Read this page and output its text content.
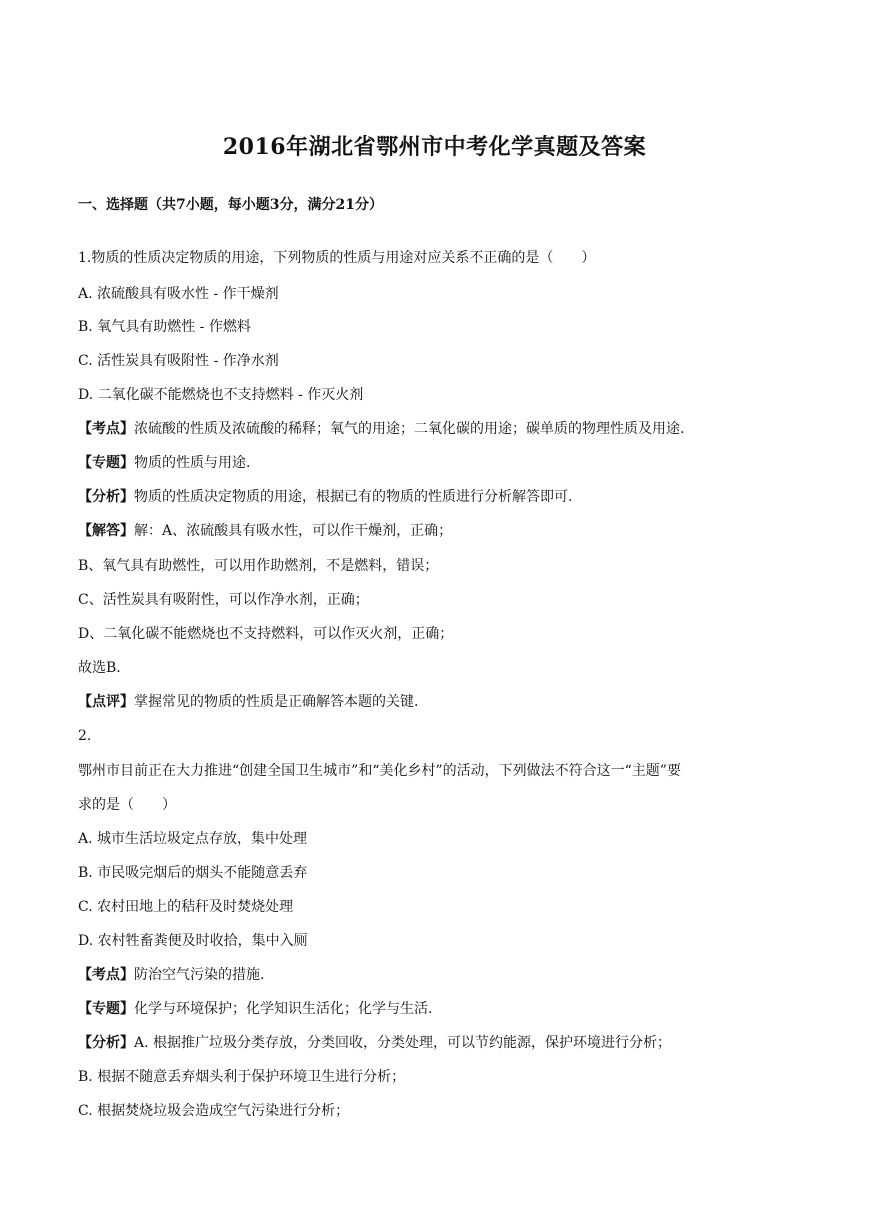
2016年湖北省鄂州市中考化学真题及答案
一、选择题（共7小题，每小题3分，满分21分）
1.物质的性质决定物质的用途，下列物质的性质与用途对应关系不正确的是（　　）
A. 浓硫酸具有吸水性 - 作干燥剂
B. 氧气具有助燃性 - 作燃料
C. 活性炭具有吸附性 - 作净水剂
D. 二氧化碳不能燃烧也不支持燃料 - 作灭火剂
【考点】浓硫酸的性质及浓硫酸的稀释；氧气的用途；二氧化碳的用途；碳单质的物理性质及用途.
【专题】物质的性质与用途.
【分析】物质的性质决定物质的用途，根据已有的物质的性质进行分析解答即可.
【解答】解：A、浓硫酸具有吸水性，可以作干燥剂，正确；
B、氧气具有助燃性，可以用作助燃剂，不是燃料，错误；
C、活性炭具有吸附性，可以作净水剂，正确；
D、二氧化碳不能燃烧也不支持燃料，可以作灭火剂，正确；
故选B.
【点评】掌握常见的物质的性质是正确解答本题的关键.
2.
鄂州市目前正在大力推进“创建全国卫生城市”和“美化乡村”的活动，下列做法不符合这一“主题”要
求的是（　　）
A. 城市生活垃圾定点存放，集中处理
B. 市民吸完烟后的烟头不能随意丢弃
C. 农村田地上的秸秆及时焚烧处理
D. 农村牲畜粪便及时收拾，集中入厕
【考点】防治空气污染的措施.
【专题】化学与环境保护；化学知识生活化；化学与生活.
【分析】A. 根据推广垃圾分类存放，分类回收，分类处理，可以节约能源，保护环境进行分析；
B. 根据不随意丢弃烟头利于保护环境卫生进行分析；
C. 根据焚烧垃圾会造成空气污染进行分析；
